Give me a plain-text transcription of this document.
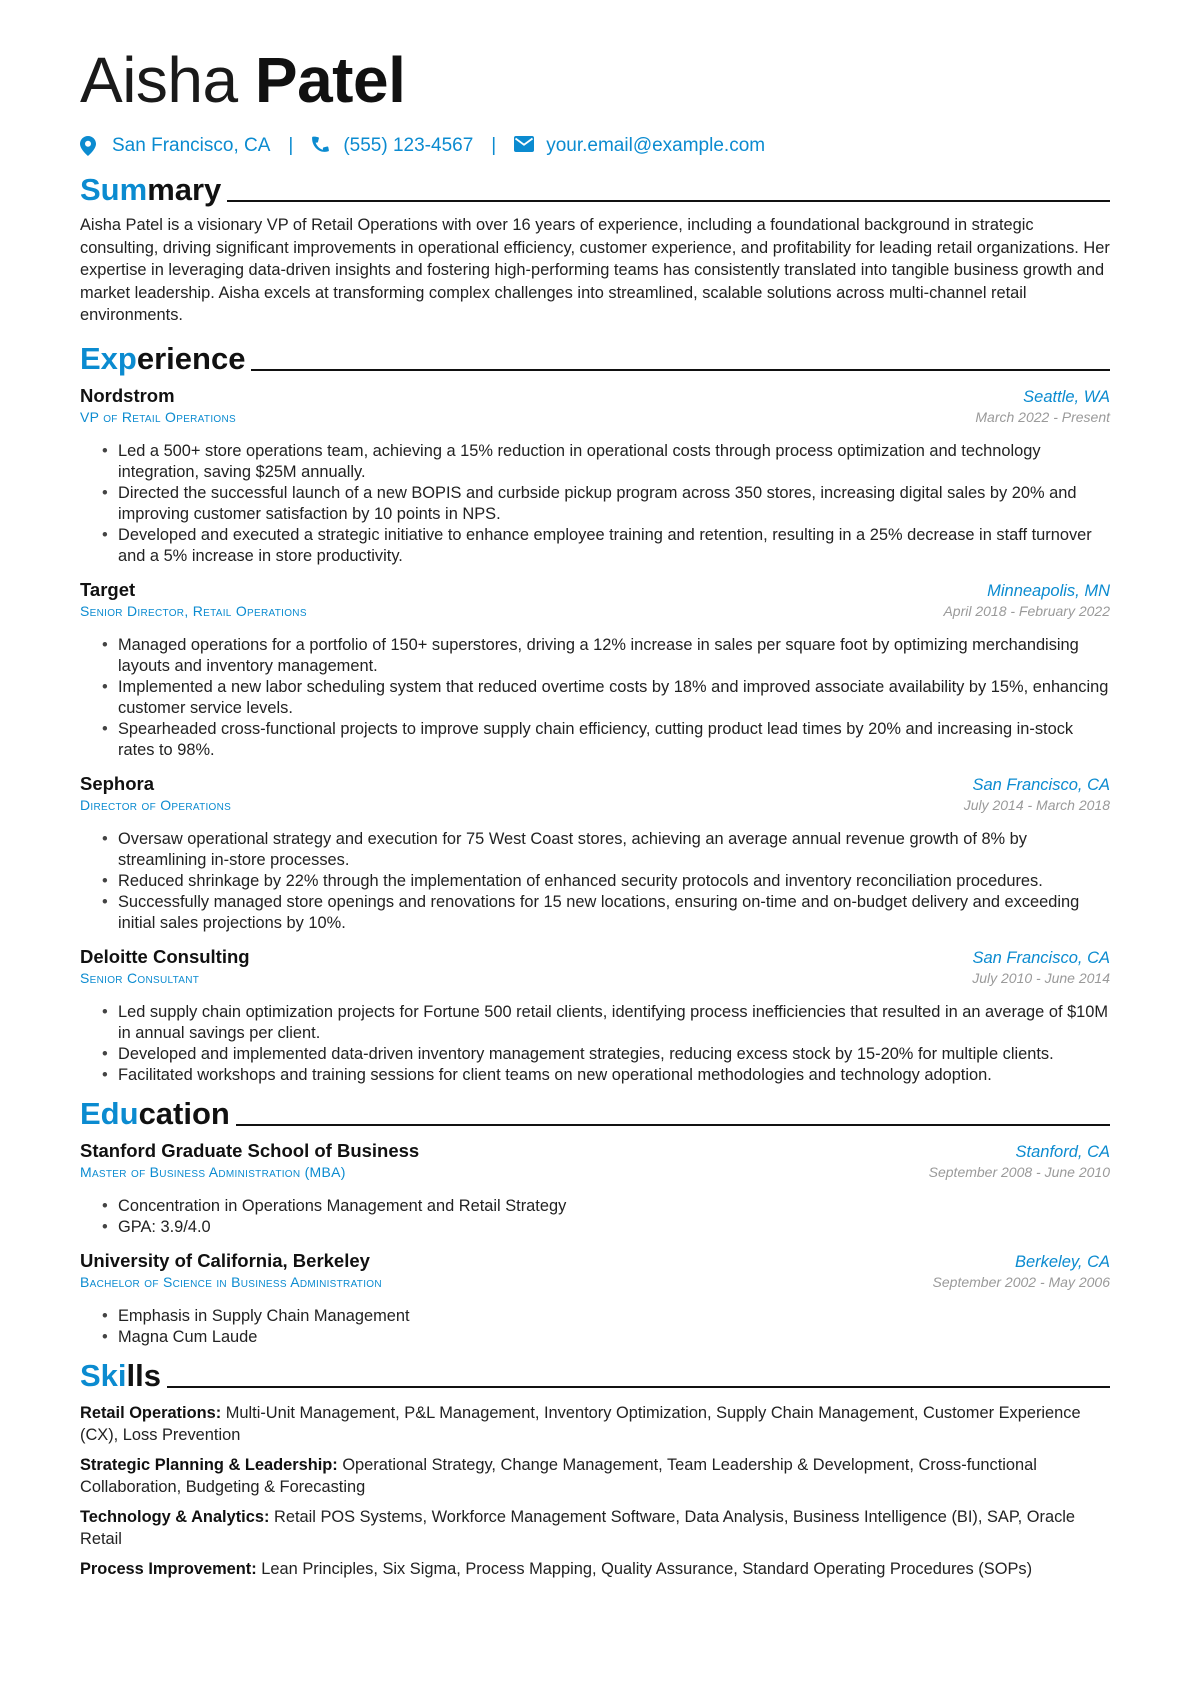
Aisha Patel
San Francisco, CA |	(555) 123-4567 |	your.email@example.com
Summary

Aisha Patel is a visionary VP of Retail Operations with over 16 years of experience, including a foundational background in strategic consulting, driving significant improvements in operational efficiency, customer experience, and profitability for leading retail organizations. Her expertise in leveraging data-driven insights and fostering high-performing teams has consistently translated into tangible business growth and market leadership. Aisha excels at transforming complex challenges into streamlined, scalable solutions across multi-channel retail environments.

Experience
Nordstrom	Seattle, WA
VP of Retail Operations	March 2022 - Present
• Led a 500+ store operations team, achieving a 15% reduction in operational costs through process optimization and technology integration, saving $25M annually.
• Directed the successful launch of a new BOPIS and curbside pickup program across 350 stores, increasing digital sales by 20% and improving customer satisfaction by 10 points in NPS.
• Developed and executed a strategic initiative to enhance employee training and retention, resulting in a 25% decrease in staff turnover and a 5% increase in store productivity.
Target	Minneapolis, MN
Senior Director, Retail Operations	April 2018 - February 2022
• Managed operations for a portfolio of 150+ superstores, driving a 12% increase in sales per square foot by optimizing merchandising layouts and inventory management.
• Implemented a new labor scheduling system that reduced overtime costs by 18% and improved associate availability by 15%, enhancing customer service levels.
• Spearheaded cross-functional projects to improve supply chain efficiency, cutting product lead times by 20% and increasing in-stock rates to 98%.
Sephora	San Francisco, CA
Director of Operations	July 2014 - March 2018
• Oversaw operational strategy and execution for 75 West Coast stores, achieving an average annual revenue growth of 8% by streamlining in-store processes.
• Reduced shrinkage by 22% through the implementation of enhanced security protocols and inventory reconciliation procedures.
• Successfully managed store openings and renovations for 15 new locations, ensuring on-time and on-budget delivery and exceeding initial sales projections by 10%.
Deloitte Consulting	San Francisco, CA
Senior Consultant	July 2010 - June 2014
• Led supply chain optimization projects for Fortune 500 retail clients, identifying process inefficiencies that resulted in an average of $10M in annual savings per client.
• Developed and implemented data-driven inventory management strategies, reducing excess stock by 15-20% for multiple clients.
• Facilitated workshops and training sessions for client teams on new operational methodologies and technology adoption.
Education
Stanford Graduate School of Business	Stanford, CA
Master of Business Administration (MBA)	September 2008 - June 2010
• Concentration in Operations Management and Retail Strategy
• GPA: 3.9/4.0
University of California, Berkeley	Berkeley, CA
Bachelor of Science in Business Administration	September 2002 - May 2006
• Emphasis in Supply Chain Management
• Magna Cum Laude
Skills
Retail Operations: Multi-Unit Management, P&L Management, Inventory Optimization, Supply Chain Management, Customer Experience (CX), Loss Prevention
Strategic Planning & Leadership: Operational Strategy, Change Management, Team Leadership & Development, Cross-functional Collaboration, Budgeting & Forecasting
Technology & Analytics: Retail POS Systems, Workforce Management Software, Data Analysis, Business Intelligence (BI), SAP, Oracle Retail
Process Improvement: Lean Principles, Six Sigma, Process Mapping, Quality Assurance, Standard Operating Procedures (SOPs)
